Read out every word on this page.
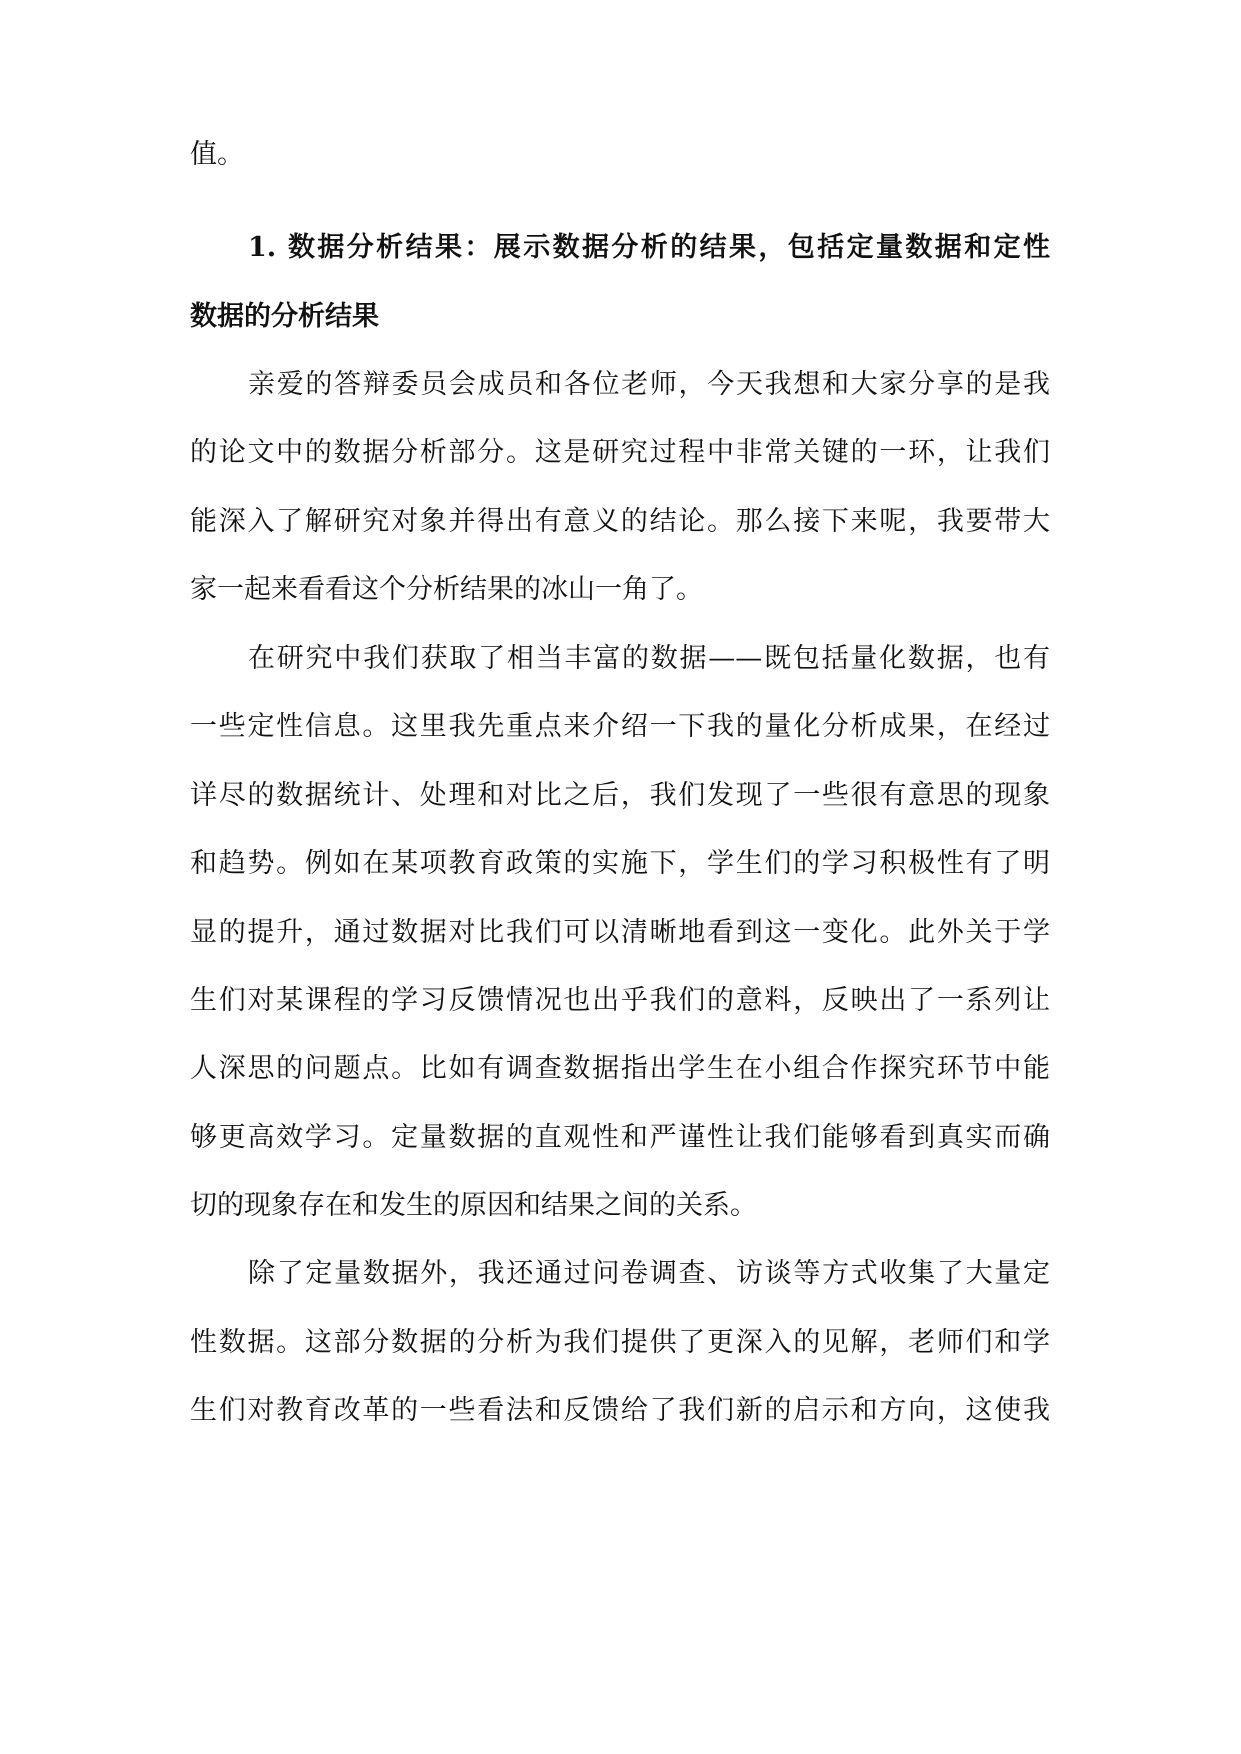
值。
1. 数据分析结果：展示数据分析的结果，包括定量数据和定性
数据的分析结果
亲爱的答辩委员会成员和各位老师，今天我想和大家分享的是我
的论文中的数据分析部分。这是研究过程中非常关键的一环，让我们
能深入了解研究对象并得出有意义的结论。那么接下来呢，我要带大
家一起来看看这个分析结果的冰山一角了。
在研究中我们获取了相当丰富的数据——既包括量化数据，也有
一些定性信息。这里我先重点来介绍一下我的量化分析成果，在经过
详尽的数据统计、处理和对比之后，我们发现了一些很有意思的现象
和趋势。例如在某项教育政策的实施下，学生们的学习积极性有了明
显的提升，通过数据对比我们可以清晰地看到这一变化。此外关于学
生们对某课程的学习反馈情况也出乎我们的意料，反映出了一系列让
人深思的问题点。比如有调查数据指出学生在小组合作探究环节中能
够更高效学习。定量数据的直观性和严谨性让我们能够看到真实而确
切的现象存在和发生的原因和结果之间的关系。
除了定量数据外，我还通过问卷调查、访谈等方式收集了大量定
性数据。这部分数据的分析为我们提供了更深入的见解，老师们和学
生们对教育改革的一些看法和反馈给了我们新的启示和方向，这使我
